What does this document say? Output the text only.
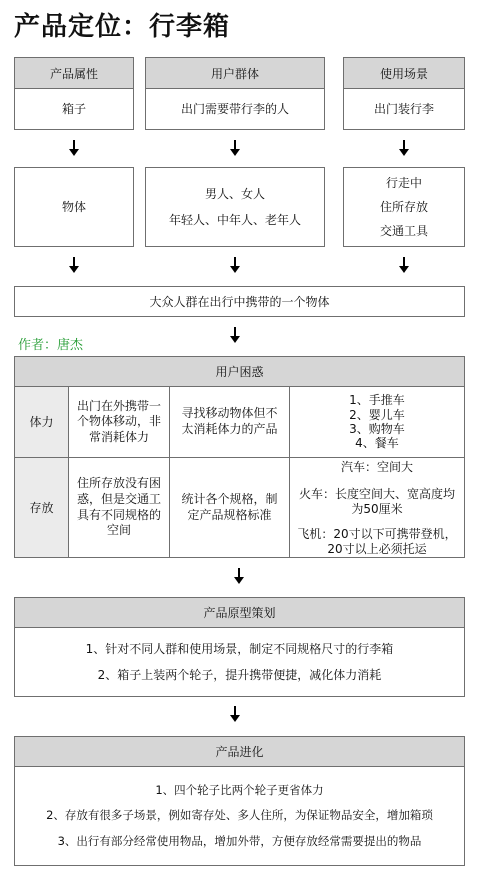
产品定位：行李箱
产品属性
箱子
用户群体
出门需要带行李的人
使用场景
出门装行李
物体
男人、女人
年轻人、中年人、老年人
行走中
住所存放
交通工具
大众人群在出行中携带的一个物体
作者：唐杰
用户困惑
体力
出门在外携带一个物体移动，非常消耗体力
寻找移动物体但不太消耗体力的产品
1、手推车
2、婴儿车
3、购物车
4、餐车
存放
住所存放没有困惑，但是交通工具有不同规格的空间
统计各个规格，制定产品规格标准
汽车：空间大
火车：长度空间大、宽高度均为50厘米
飞机：20寸以下可携带登机，20寸以上必须托运
产品原型策划
1、针对不同人群和使用场景，制定不同规格尺寸的行李箱
2、箱子上装两个轮子，提升携带便捷，减化体力消耗
产品进化
1、四个轮子比两个轮子更省体力
2、存放有很多子场景，例如寄存处、多人住所，为保证物品安全，增加箱琐
3、出行有部分经常使用物品，增加外带，方便存放经常需要提出的物品
